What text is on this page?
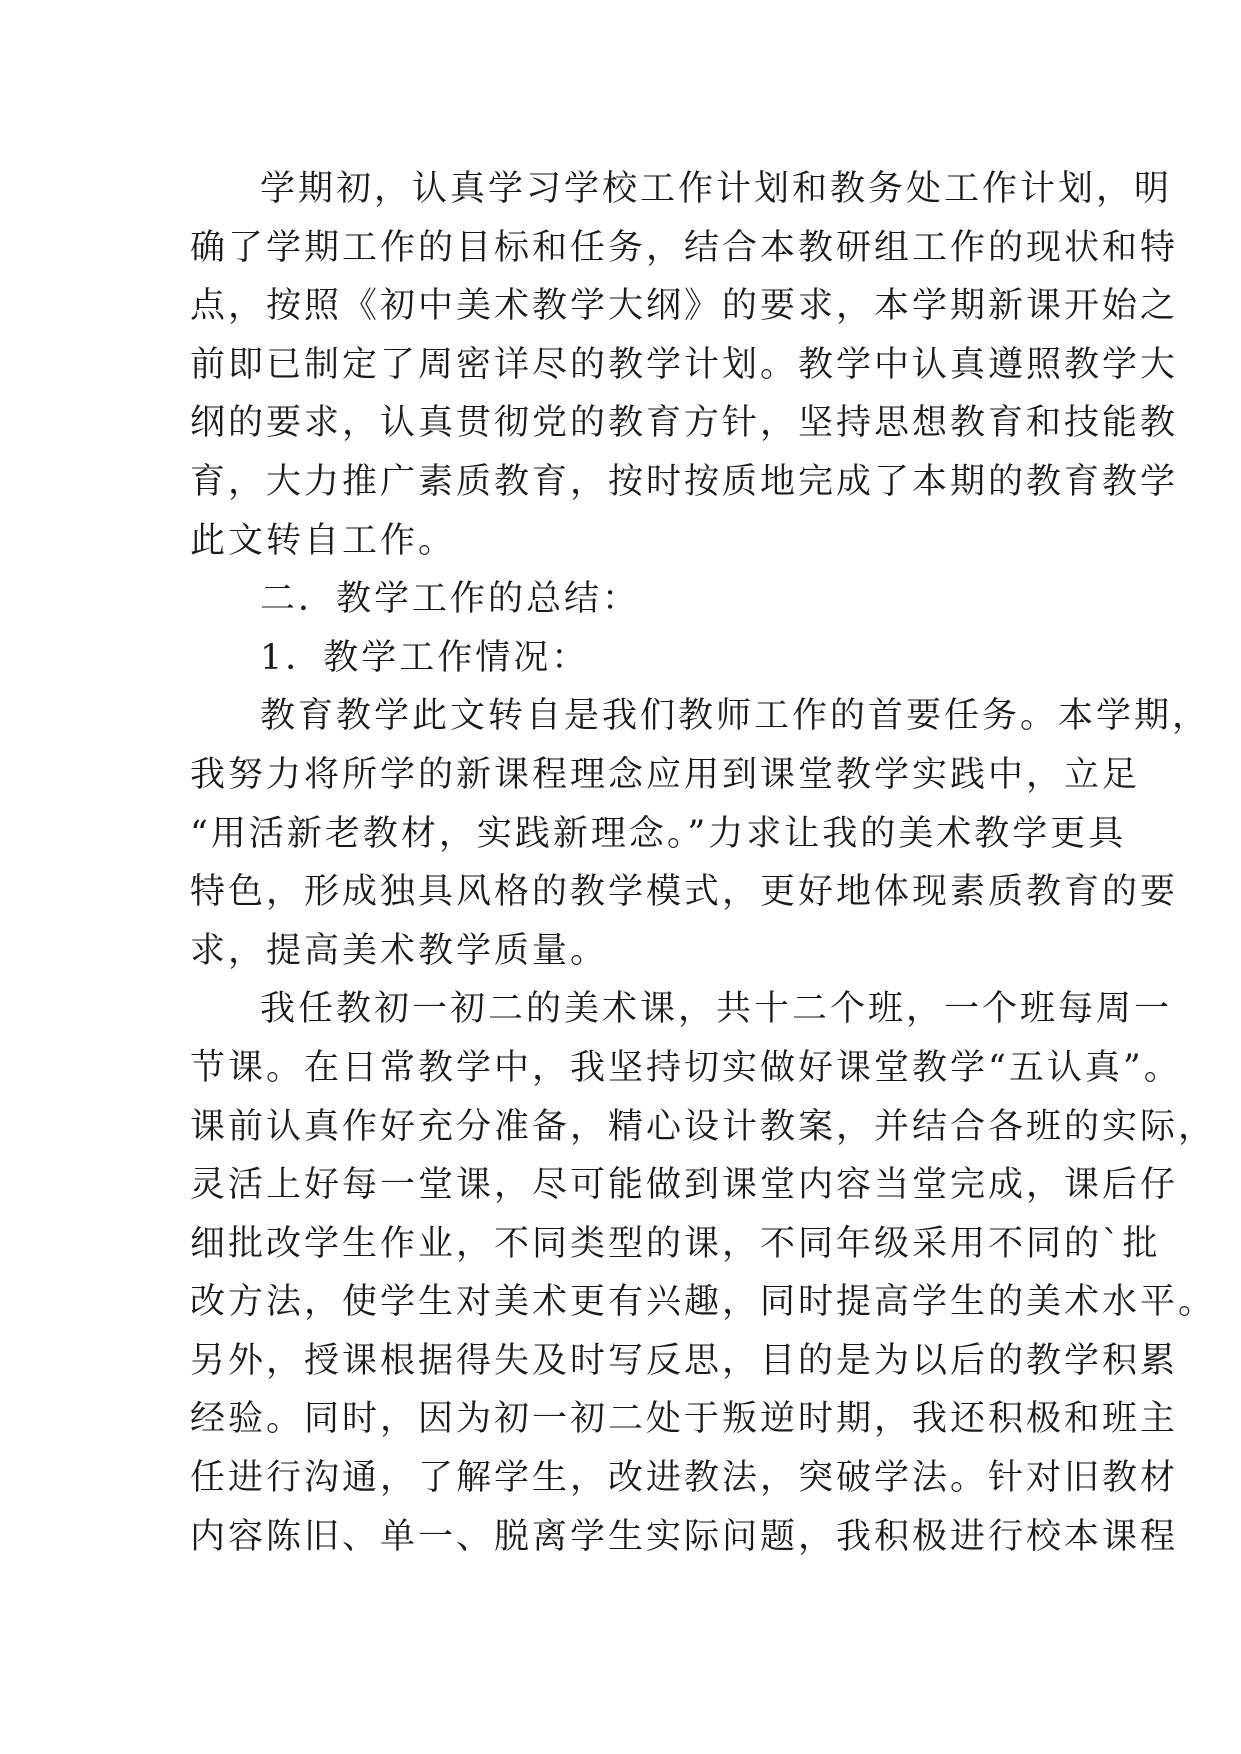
学期初，认真学习学校工作计划和教务处工作计划，明
确了学期工作的目标和任务，结合本教研组工作的现状和特
点，按照《初中美术教学大纲》的要求，本学期新课开始之
前即已制定了周密详尽的教学计划。教学中认真遵照教学大
纲的要求，认真贯彻党的教育方针，坚持思想教育和技能教
育，大力推广素质教育，按时按质地完成了本期的教育教学
此文转自工作。
二．教学工作的总结：
1．教学工作情况：
教育教学此文转自是我们教师工作的首要任务。本学期，
我努力将所学的新课程理念应用到课堂教学实践中，立足
“用活新老教材，实践新理念。”力求让我的美术教学更具
特色，形成独具风格的教学模式，更好地体现素质教育的要
求，提高美术教学质量。
我任教初一初二的美术课，共十二个班，一个班每周一
节课。在日常教学中，我坚持切实做好课堂教学“五认真”。
课前认真作好充分准备，精心设计教案，并结合各班的实际，
灵活上好每一堂课，尽可能做到课堂内容当堂完成，课后仔
细批改学生作业，不同类型的课，不同年级采用不同的`批
改方法，使学生对美术更有兴趣，同时提高学生的美术水平。
另外，授课根据得失及时写反思，目的是为以后的教学积累
经验。同时，因为初一初二处于叛逆时期，我还积极和班主
任进行沟通，了解学生，改进教法，突破学法。针对旧教材
内容陈旧、单一、脱离学生实际问题，我积极进行校本课程
